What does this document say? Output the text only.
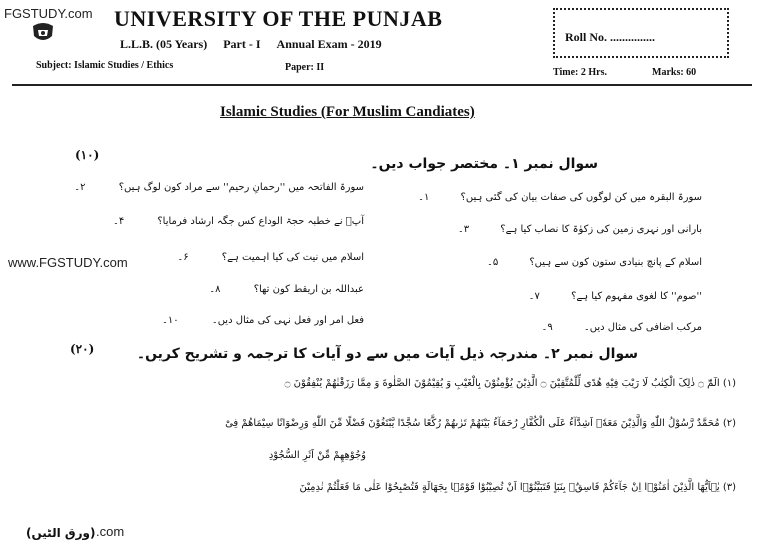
FGSTUDY.com
www.FGSTUDY.com
.com
UNIVERSITY OF THE PUNJAB
L.L.B. (05 Years) Part - I Annual Exam - 2019
Subject: Islamic Studies / Ethics	Paper: II
Roll No. ...............
Time: 2 Hrs.	Marks: 60
Islamic Studies (For Muslim Candiates)
(۱۰)
سوال نمبر ۱۔ مختصر جواب دیں۔
سورۃ البقرہ میں کن لوگوں کی صفات بیان کی گئی ہیں؟ ۱۔
بارانی اور نہری زمین کی زکوٰۃ کا نصاب کیا ہے؟ ۳۔
اسلام کے پانچ بنیادی ستون کون سے ہیں؟ ۵۔
''صوم'' کا لغوی مفہوم کیا ہے؟ ۷۔
مرکب اضافی کی مثال دیں۔ ۹۔
سورۃ الفاتحہ میں ''رحمانِ رحیم'' سے مراد کون لوگ ہیں؟ ۲۔
آپؐ نے خطبہ حجۃ الوداع کس جگہ ارشاد فرمایا؟ ۴۔
اسلام میں نیت کی کیا اہمیت ہے؟ ۶۔
عبداللہ بن اریقط کون تھا؟ ۸۔
فعل امر اور فعل نہی کی مثال دیں۔ ۱۰۔
(۲۰)	سوال نمبر ۲۔ مندرجہ ذیل آیات میں سے دو آیات کا ترجمہ و تشریح کریں۔
(۱) الٓمّٓ ۝ ذٰلِکَ الْکِتٰبُ لَا رَیْبَ فِیْهِ هُدًی لِّلْمُتَّقِیْنَ ۝ الَّذِیْنَ یُؤْمِنُوْنَ بِالْغَیْبِ وَ یُقِیْمُوْنَ الصَّلٰوةَ وَ مِمَّا رَزَقْنٰهُمْ یُنْفِقُوْنَ ۝
(۲) مُحَمَّدٌ رَّسُوْلُ اللّٰهِ وَالَّذِیْنَ مَعَهٗۤ اَشِدَّآءُ عَلَی الْکُفَّارِ رُحَمَآءُ بَیْنَهُمْ تَرٰىهُمْ رُکَّعًا سُجَّدًا یَّبْتَغُوْنَ فَضْلًا مِّنَ اللّٰهِ وَرِضْوَانًا سِیْمَاهُمْ فِیْ
وُجُوْهِهِمْ مِّنْ اَثَرِ السُّجُوْدِ
(۳) یٰۤاَیُّهَا الَّذِیْنَ اٰمَنُوْۤا اِنْ جَآءَکُمْ فَاسِقٌۢ بِنَبَاٍ فَتَبَیَّنُوْۤا اَنْ تُصِیْبُوْا قَوْمًۢا بِجَهَالَةٍ فَتُصْبِحُوْا عَلٰی مَا فَعَلْتُمْ نٰدِمِیْنَ
(ورق الٹیں)
